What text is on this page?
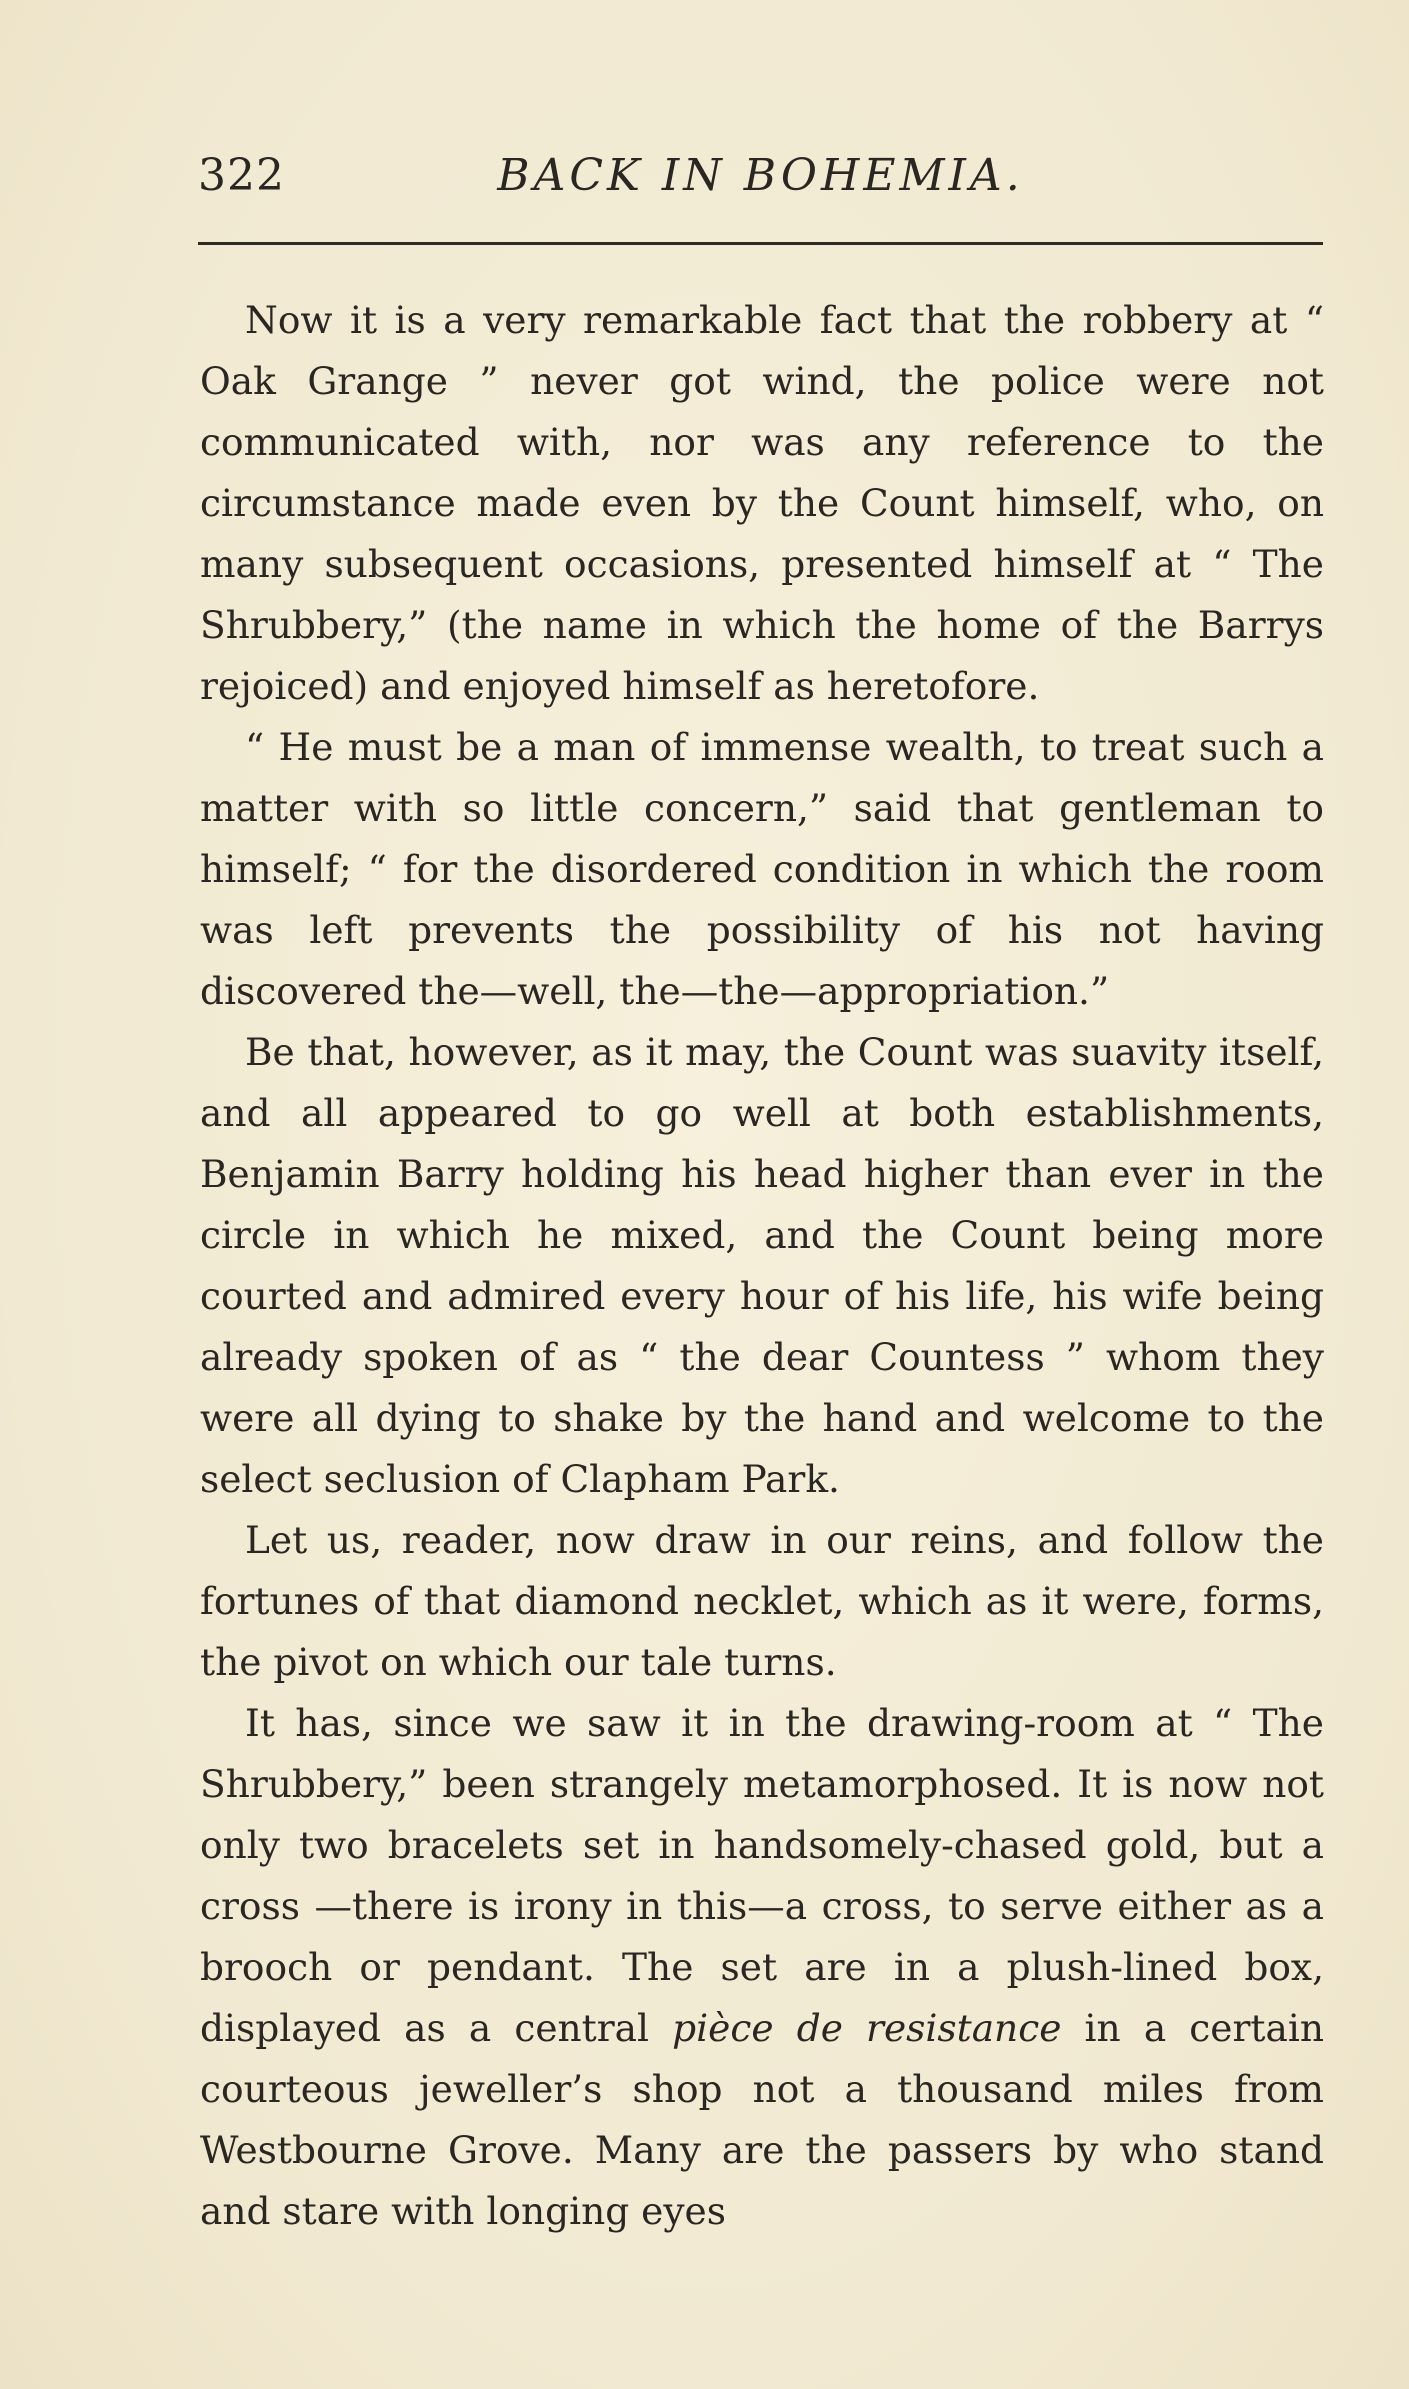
322	BACK IN BOHEMIA.

Now it is a very remarkable fact that the robbery at “ Oak Grange ” never got wind, the police were not communicated with, nor was any reference to the circumstance made even by the Count himself, who, on many subsequent occasions, presented himself at “ The Shrubbery,” (the name in which the home of the Barrys rejoiced) and enjoyed himself as heretofore.

“ He must be a man of immense wealth, to treat such a matter with so little concern,” said that gentleman to himself; “ for the disordered condition in which the room was left prevents the possibility of his not having discovered the—well, the—the—appropriation.”

Be that, however, as it may, the Count was suavity itself, and all appeared to go well at both establishments, Benjamin Barry holding his head higher than ever in the circle in which he mixed, and the Count being more courted and admired every hour of his life, his wife being already spoken of as “ the dear Countess ” whom they were all dying to shake by the hand and welcome to the select seclusion of Clapham Park.

Let us, reader, now draw in our reins, and follow the fortunes of that diamond necklet, which as it were, forms, the pivot on which our tale turns.

It has, since we saw it in the drawing-room at “ The Shrubbery,” been strangely metamorphosed. It is now not only two bracelets set in handsomely-chased gold, but a cross —there is irony in this—a cross, to serve either as a brooch or pendant. The set are in a plush-lined box, displayed as a central pièce de resistance in a certain courteous jeweller’s shop not a thousand miles from Westbourne Grove. Many are the passers by who stand and stare with longing eyes
